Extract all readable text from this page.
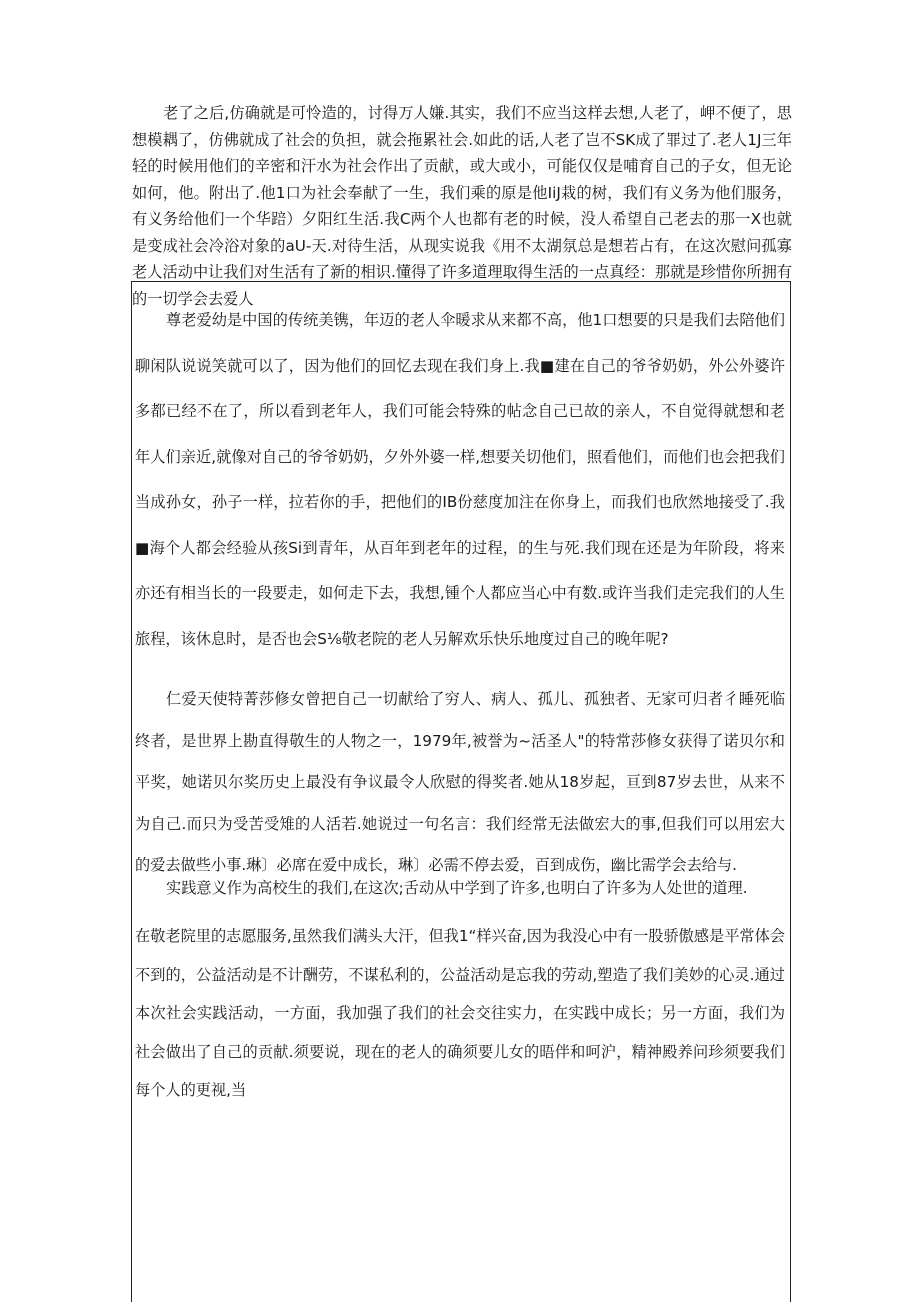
老了之后,仿确就是可怜造的，讨得万人嫌.其实，我们不应当这样去想,人老了，岬不便了，思想模耦了，仿佛就成了社会的负担，就会拖累社会.如此的话,人老了岂不SK成了罪过了.老人1J三年轻的时候用他们的辛密和汗水为社会作出了贡献，或大或小，可能仅仅是哺育自己的子女，但无论如何，他。附出了.他1口为社会奉献了一生，我们乘的原是他IiJ栽的树，我们有义务为他们服务，有义务给他们一个华踣）夕阳红生活.我C两个人也都有老的时候，没人希望自己老去的那一X也就是变成社会冷浴对象的aU-天.对待生活，从现实说我《用不太湖氛总是想若占有，在这次慰问孤寡老人活动中让我们对生活有了新的相识.懂得了许多道理取得生活的一点真经：那就是珍惜你所拥有的一切学会去爱人

尊老爱幼是中国的传统美镌，年迈的老人伞暖求从来都不高，他1口想要的只是我们去陪他们聊闲队说说笑就可以了，因为他们的回忆去现在我们身上.我■建在自己的爷爷奶奶，外公外婆许多都已经不在了，所以看到老年人，我们可能会特殊的帖念自己已故的亲人，不自觉得就想和老年人们亲近,就像对自己的爷爷奶奶，夕外外婆一样,想要关切他们，照看他们，而他们也会把我们当成孙女，孙子一样，拉若你的手，把他们的IB份慈度加注在你身上，而我们也欣然地接受了.我■海个人都会经验从孩Si到青年，从百年到老年的过程，的生与死.我们现在还是为年阶段，将来亦还有相当长的一段要走，如何走下去，我想,锺个人都应当心中有数.或许当我们走完我们的人生旅程，该休息时，是否也会S⅛敬老院的老人另解欢乐快乐地度过自己的晚年呢?

仁爱天使特菁莎修女曾把自己一切献给了穷人、病人、孤儿、孤独者、无家可归者彳睡死临终者，是世界上勘直得敬生的人物之一，1979年,被誉为~活圣人"的特常莎修女获得了诺贝尔和平奖，她诺贝尔奖历史上最没有争议最令人欣慰的得奖者.她从18岁起，亘到87岁去世，从来不为自己.而只为受苦受雉的人活若.她说过一句名言：我们经常无法做宏大的事,但我们可以用宏大的爱去做些小事.琳〕必席在爱中成长，琳〕必需不停去爱，百到成伤，幽比需学会去给与.

实践意义作为高校生的我们,在这次;舌动从中学到了许多,也明白了许多为人处世的道理.

在敬老院里的志愿服务,虽然我们满头大汗，但我1“样兴奋,因为我没心中有一股骄傲感是平常体会不到的，公益活动是不计酬劳，不谋私利的，公益活动是忘我的劳动,塑造了我们美妙的心灵.通过本次社会实践活动，一方面，我加强了我们的社会交往实力，在实践中成长；另一方面，我们为社会做出了自己的贡献.须要说，现在的老人的确须要儿女的晤伴和呵沪，精神殿养问珍须要我们每个人的更视,当
